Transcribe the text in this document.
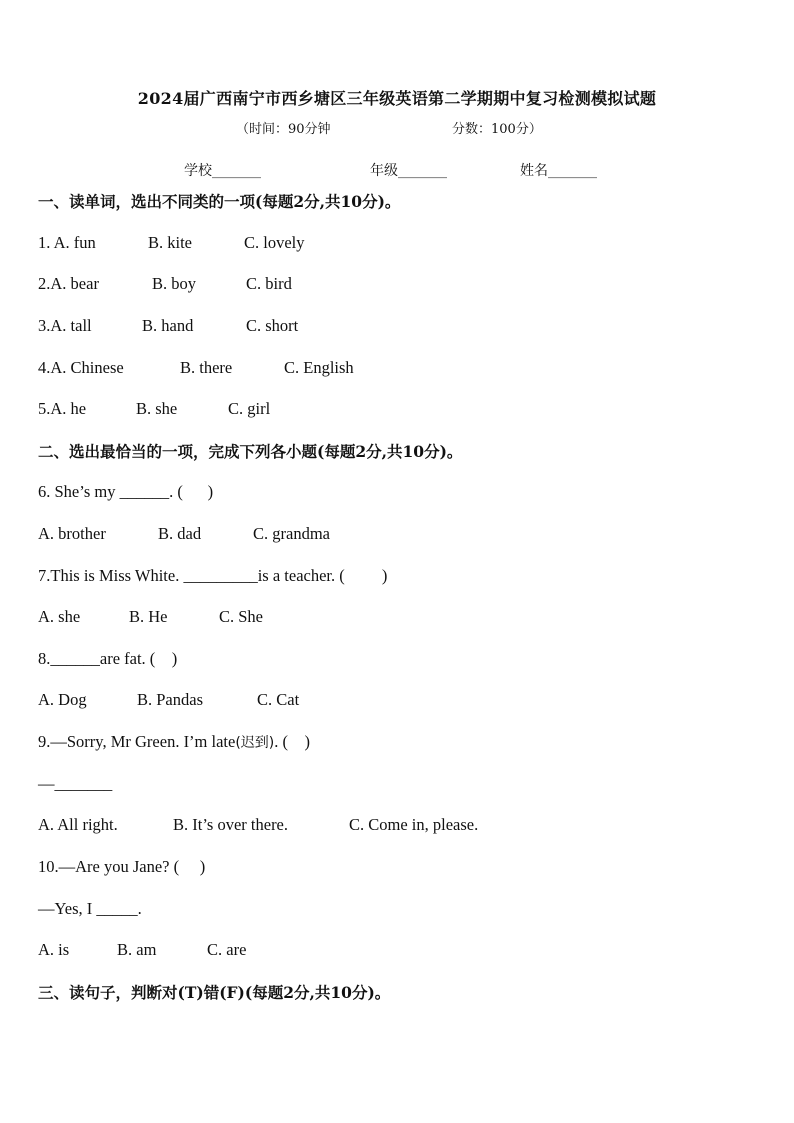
2024届广西南宁市西乡塘区三年级英语第二学期期中复习检测模拟试题
（时间：90分钟	分数：100分）
学校_______	年级_______	姓名_______
一、读单词，选出不同类的一项(每题2分,共10分)。
1. A. fun	B. kite	C. lovely
2.A. bear	B. boy	C. bird
3.A. tall	B. hand	C. short
4.A. Chinese	B. there	C. English
5.A. he	B. she	C. girl
二、选出最恰当的一项，完成下列各小题(每题2分,共10分)。
6. She’s my ______. (      )
A. brother	B. dad	C. grandma
7.This is Miss White. _________is a teacher. (         )
A. she	B. He	C. She
8.______are fat. (    )
A. Dog	B. Pandas	C. Cat
9.—Sorry, Mr Green. I’m late(迟到). (    )
—_______
A. All right.	B. It’s over there.	C. Come in, please.
10.—Are you Jane? (     )
—Yes, I _____.
A. is	B. am	C. are
三、读句子，判断对(T)错(F)(每题2分,共10分)。
